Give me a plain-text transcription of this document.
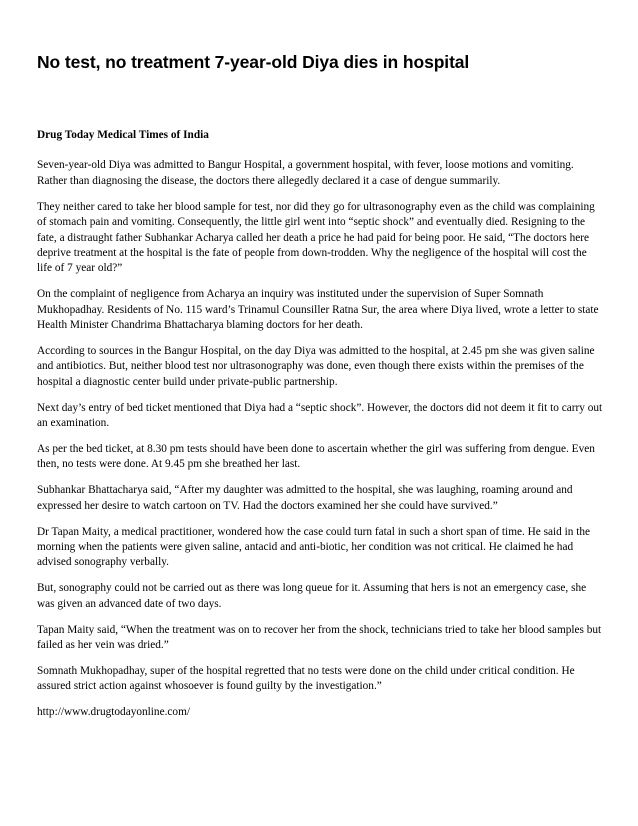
No test, no treatment 7-year-old Diya dies in hospital

Drug Today Medical Times of India

Seven-year-old Diya was admitted to Bangur Hospital, a government hospital, with fever, loose motions and vomiting. Rather than diagnosing the disease, the doctors there allegedly declared it a case of dengue summarily.

They neither cared to take her blood sample for test, nor did they go for ultrasonography even as the child was complaining of stomach pain and vomiting. Consequently, the little girl went into “septic shock” and eventually died. Resigning to the fate, a distraught father Subhankar Acharya called her death a price he had paid for being poor. He said, “The doctors here deprive treatment at the hospital is the fate of people from down-trodden. Why the negligence of the hospital will cost the life of 7 year old?”

On the complaint of negligence from Acharya an inquiry was instituted under the supervision of Super Somnath Mukhopadhay. Residents of No. 115 ward’s Trinamul Counsiller Ratna Sur, the area where Diya lived, wrote a letter to state Health Minister Chandrima Bhattacharya blaming doctors for her death.

According to sources in the Bangur Hospital, on the day Diya was admitted to the hospital, at 2.45 pm she was given saline and antibiotics. But, neither blood test nor ultrasonography was done, even though there exists within the premises of the hospital a diagnostic center build under private-public partnership.

Next day’s entry of bed ticket mentioned that Diya had a “septic shock”. However, the doctors did not deem it fit to carry out an examination.

As per the bed ticket, at 8.30 pm tests should have been done to ascertain whether the girl was suffering from dengue. Even then, no tests were done. At 9.45 pm she breathed her last.

Subhankar Bhattacharya said, “After my daughter was admitted to the hospital, she was laughing, roaming around and expressed her desire to watch cartoon on TV. Had the doctors examined her she could have survived.”

Dr Tapan Maity, a medical practitioner, wondered how the case could turn fatal in such a short span of time. He said in the morning when the patients were given saline, antacid and anti-biotic, her condition was not critical. He claimed he had advised sonography verbally.

But, sonography could not be carried out as there was long queue for it. Assuming that hers is not an emergency case, she was given an advanced date of two days.

Tapan Maity said, “When the treatment was on to recover her from the shock, technicians tried to take her blood samples but failed as her vein was dried.”

Somnath Mukhopadhay, super of the hospital regretted that no tests were done on the child under critical condition. He assured strict action against whosoever is found guilty by the investigation.”

http://www.drugtodayonline.com/
